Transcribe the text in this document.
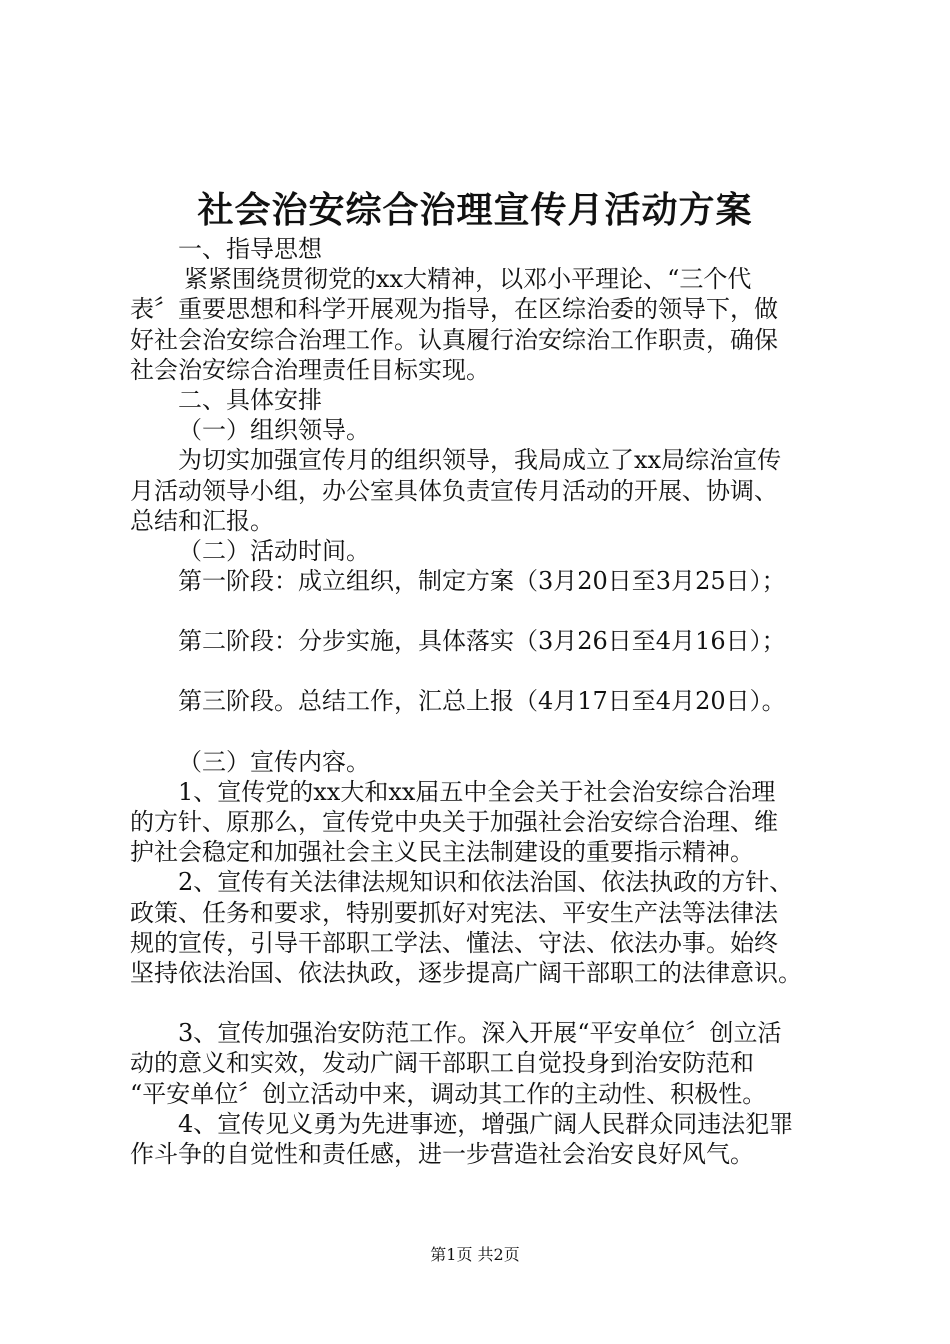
社会治安综合治理宣传月活动方案
一、指导思想
紧紧围绕贯彻党的xx大精神，以邓小平理论、“三个代
表〞重要思想和科学开展观为指导，在区综治委的领导下，做
好社会治安综合治理工作。认真履行治安综治工作职责，确保
社会治安综合治理责任目标实现。
二、具体安排
（一）组织领导。
为切实加强宣传月的组织领导，我局成立了xx局综治宣传
月活动领导小组，办公室具体负责宣传月活动的开展、协调、
总结和汇报。
（二）活动时间。
第一阶段：成立组织，制定方案（3月20日至3月25日）；
第二阶段：分步实施，具体落实（3月26日至4月16日）；
第三阶段。总结工作，汇总上报（4月17日至4月20日）。
（三）宣传内容。
1、宣传党的xx大和xx届五中全会关于社会治安综合治理
的方针、原那么，宣传党中央关于加强社会治安综合治理、维
护社会稳定和加强社会主义民主法制建设的重要指示精神。
2、宣传有关法律法规知识和依法治国、依法执政的方针、
政策、任务和要求，特别要抓好对宪法、平安生产法等法律法
规的宣传，引导干部职工学法、懂法、守法、依法办事。始终
坚持依法治国、依法执政，逐步提高广阔干部职工的法律意识。
3、宣传加强治安防范工作。深入开展“平安单位〞创立活
动的意义和实效，发动广阔干部职工自觉投身到治安防范和
“平安单位〞创立活动中来，调动其工作的主动性、积极性。
4、宣传见义勇为先进事迹，增强广阔人民群众同违法犯罪
作斗争的自觉性和责任感，进一步营造社会治安良好风气。
第1页 共2页
